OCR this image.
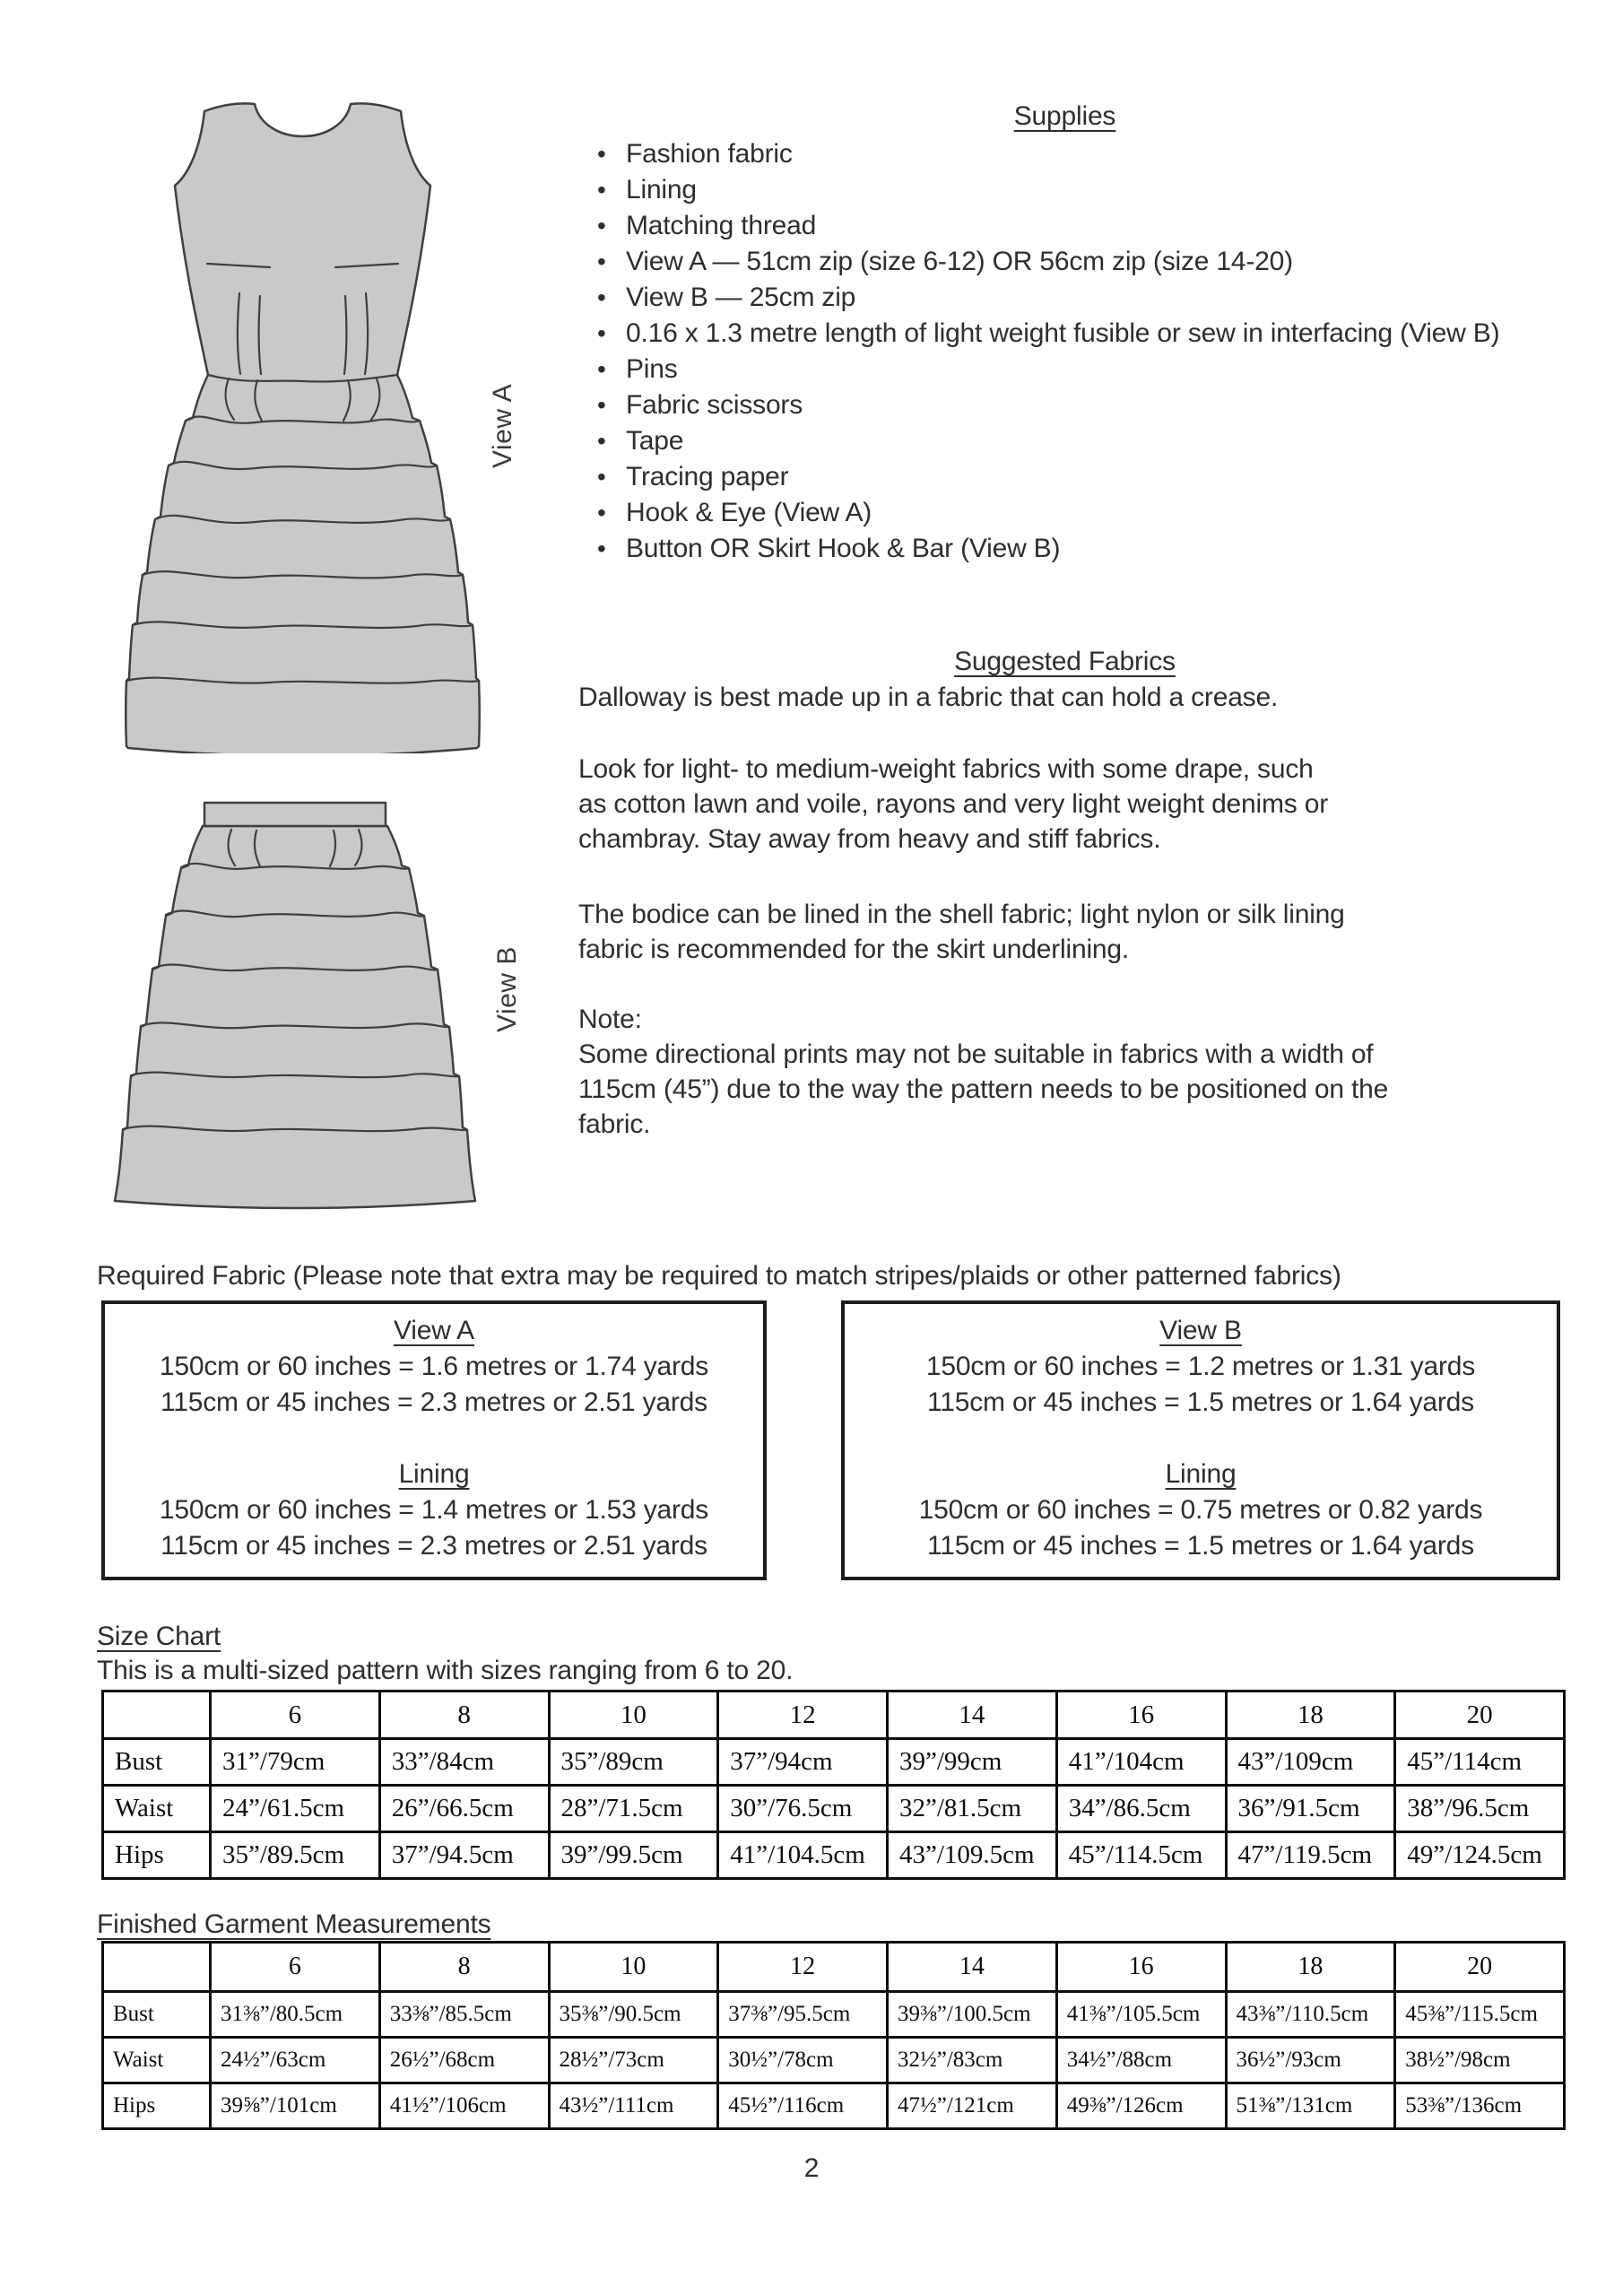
View A
View B
Supplies
• Fashion fabric
• Lining
• Matching thread
• View A — 51cm zip (size 6-12) OR 56cm zip (size 14-20)
• View B — 25cm zip
• 0.16 x 1.3 metre length of light weight fusible or sew in interfacing (View B)
• Pins
• Fabric scissors
• Tape
• Tracing paper
• Hook & Eye (View A)
• Button OR Skirt Hook & Bar (View B)
Suggested Fabrics
Dalloway is best made up in a fabric that can hold a crease.
Look for light- to medium-weight fabrics with some drape, such
as cotton lawn and voile, rayons and very light weight denims or
chambray. Stay away from heavy and stiff fabrics.
The bodice can be lined in the shell fabric; light nylon or silk lining
fabric is recommended for the skirt underlining.
Note:
Some directional prints may not be suitable in fabrics with a width of
115cm (45”) due to the way the pattern needs to be positioned on the
fabric.
Required Fabric (Please note that extra may be required to match stripes/plaids or other patterned fabrics)
View A
150cm or 60 inches = 1.6 metres or 1.74 yards
115cm or 45 inches = 2.3 metres or 2.51 yards
Lining
150cm or 60 inches = 1.4 metres or 1.53 yards
115cm or 45 inches = 2.3 metres or 2.51 yards
View B
150cm or 60 inches = 1.2 metres or 1.31 yards
115cm or 45 inches = 1.5 metres or 1.64 yards
Lining
150cm or 60 inches = 0.75 metres or 0.82 yards
115cm or 45 inches = 1.5 metres or 1.64 yards
Size Chart
This is a multi-sized pattern with sizes ranging from 6 to 20.
	6	8	10	12	14	16	18	20
Bust	31”/79cm	33”/84cm	35”/89cm	37”/94cm	39”/99cm	41”/104cm	43”/109cm	45”/114cm
Waist	24”/61.5cm	26”/66.5cm	28”/71.5cm	30”/76.5cm	32”/81.5cm	34”/86.5cm	36”/91.5cm	38”/96.5cm
Hips	35”/89.5cm	37”/94.5cm	39”/99.5cm	41”/104.5cm	43”/109.5cm	45”/114.5cm	47”/119.5cm	49”/124.5cm
Finished Garment Measurements
	6	8	10	12	14	16	18	20
Bust	31⅜”/80.5cm	33⅜”/85.5cm	35⅜”/90.5cm	37⅜”/95.5cm	39⅜”/100.5cm	41⅜”/105.5cm	43⅜”/110.5cm	45⅜”/115.5cm
Waist	24½”/63cm	26½”/68cm	28½”/73cm	30½”/78cm	32½”/83cm	34½”/88cm	36½”/93cm	38½”/98cm
Hips	39⅝”/101cm	41½”/106cm	43½”/111cm	45½”/116cm	47½”/121cm	49⅜”/126cm	51⅜”/131cm	53⅜”/136cm
2
